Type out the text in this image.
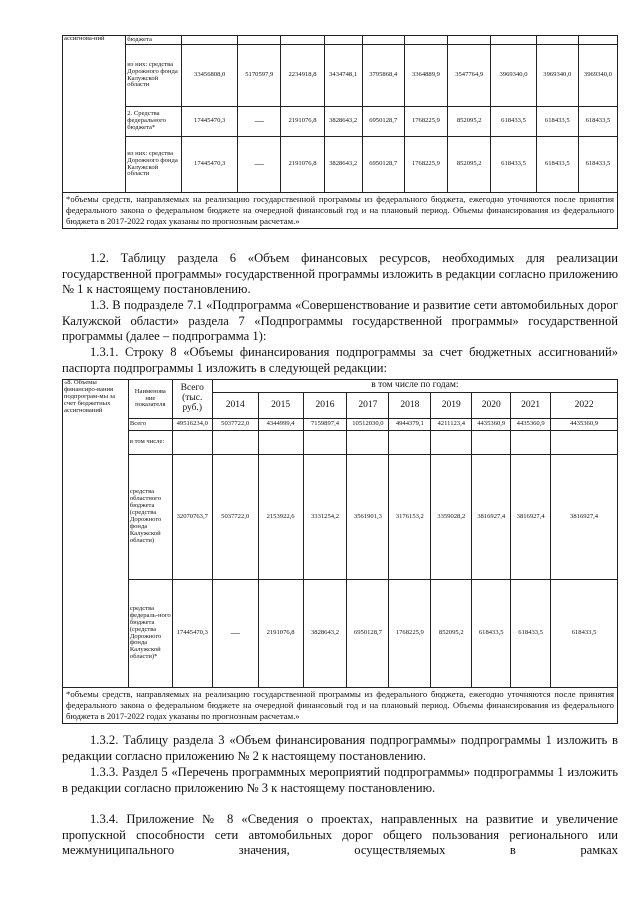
ассигнова-ний	бюджета										
	из них: средства Дорожного фонда Калужской области	33456808,0	5170597,9	2234918,8	3434748,1	3795868,4	3364889,9	3547764,9	3969340,0	3969340,0	3969340,0
	2. Средства федерального бюджета*	17445470,3	—	2191076,8	3828643,2	6950128,7	1768225,9	852095,2	618433,5	618433,5	618433,5
	из них: средства Дорожного фонда Калужской области	17445470,3	—	2191076,8	3828643,2	6950128,7	1768225,9	852095,2	618433,5	618433,5	618433,5
*объемы средств, направляемых на реализацию государственной программы из федерального бюджета, ежегодно уточняются после принятия федерального закона о федеральном бюджете на очередной финансовый год и на плановый период. Объемы финансирования из федерального бюджета в 2017-2022 годах указаны по прогнозным расчетам.»											
1.2. Таблицу раздела 6 «Объем финансовых ресурсов, необходимых для реализации государственной программы» государственной программы изложить в редакции согласно приложению № 1 к настоящему постановлению.
1.3. В подразделе 7.1 «Подпрограмма «Совершенствование и развитие сети автомобильных дорог Калужской области» раздела 7 «Подпрограммы государственной программы» государственной программы (далее – подпрограмма 1):
1.3.1. Строку 8 «Объемы финансирования подпрограммы за счет бюджетных ассигнований» паспорта подпрограммы 1 изложить в следующей редакции:
«8. Объемы финансиро-вания подпрограм-мы за счет бюджетных ассигнований	Наименова ние показателя	Всего (тыс. руб.)	в том числе по годам:								
			2014	2015	2016	2017	2018	2019	2020	2021	2022
	Всего	49516234,0	5037722,0	4344999,4	7159897,4	10512030,0	4944379,1	4211123,4	4435360,9	4435360,9	4435360,9
	в том числе:										
	средства областного бюджета (средства Дорожного фонда Калужской области)	32070763,7	5037722,0	2153922,6	3331254,2	3561901,3	3176153,2	3359028,2	3816927,4	3816927,4	3816927,4
	средства федераль-ного бюджета (средства Дорожного фонда Калужской области)*	17445470,3	—	2191076,8	3828643,2	6950128,7	1768225,9	852095,2	618433,5	618433,5	618433,5
*объемы средств, направляемых на реализацию государственной программы из федерального бюджета, ежегодно уточняются после принятия федерального закона о федеральном бюджете на очередной финансовый год и на плановый период. Объемы финансирования из федерального бюджета в 2017-2022 годах указаны по прогнозным расчетам.»											
1.3.2. Таблицу раздела 3 «Объем финансирования подпрограммы» подпрограммы 1 изложить в редакции согласно приложению № 2 к настоящему постановлению.
1.3.3. Раздел 5 «Перечень программных мероприятий подпрограммы» подпрограммы 1 изложить в редакции согласно приложению № 3 к настоящему постановлению.
1.3.4. Приложение № 8 «Сведения о проектах, направленных на развитие и увеличение пропускной способности сети автомобильных дорог общего пользования регионального или межмуниципального значения, осуществляемых в рамках
